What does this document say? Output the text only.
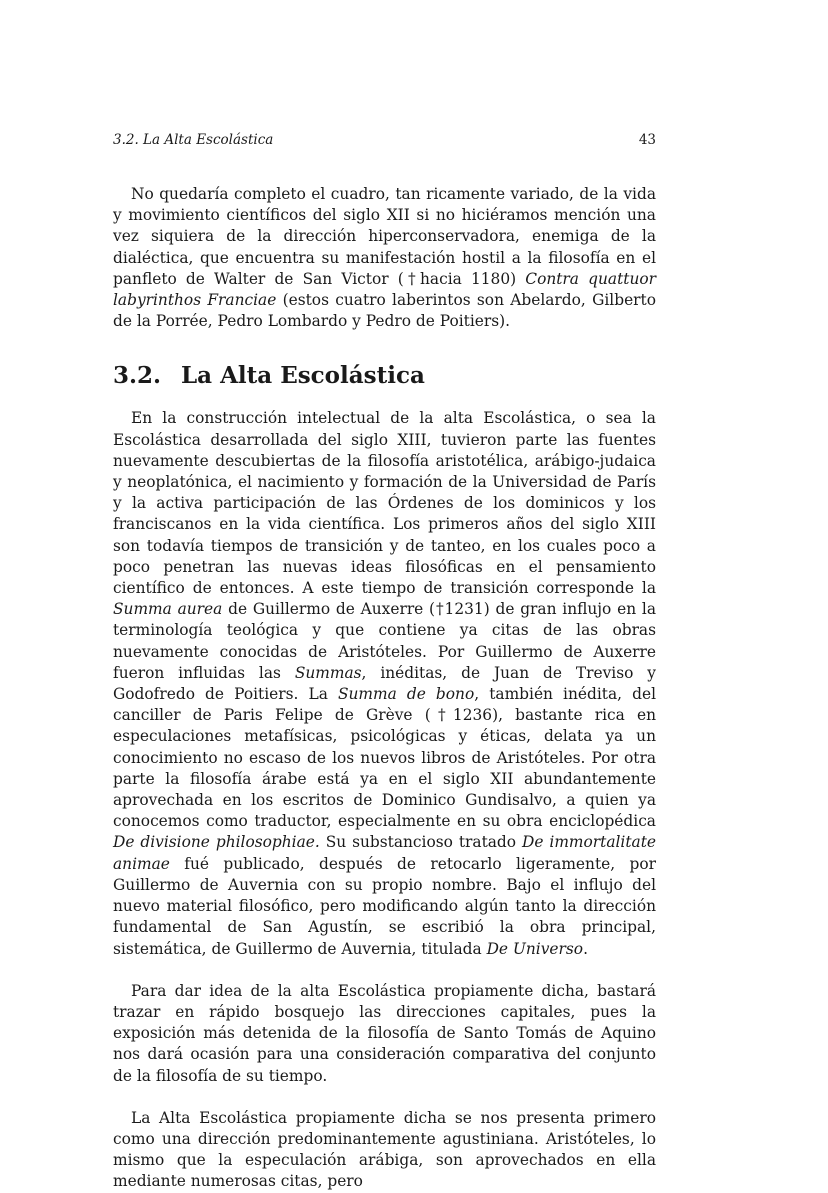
3.2. La Alta Escolástica	43

No quedaría completo el cuadro, tan ricamente variado, de la vida y movimiento científicos del siglo XII si no hiciéramos mención una vez siquiera de la dirección hiperconservadora, enemiga de la dialéctica, que encuentra su manifestación hostil a la filosofía en el panfleto de Walter de San Victor (†hacia 1180) Contra quattuor labyrinthos Franciae (estos cuatro laberintos son Abelardo, Gilberto de la Porrée, Pedro Lombardo y Pedro de Poitiers).

3.2. La Alta Escolástica

En la construcción intelectual de la alta Escolástica, o sea la Escolástica desarrollada del siglo XIII, tuvieron parte las fuentes nuevamente descubiertas de la filosofía aristotélica, arábigo-judaica y neoplatónica, el nacimiento y formación de la Universidad de París y la activa participación de las Órdenes de los dominicos y los franciscanos en la vida científica. Los primeros años del siglo XIII son todavía tiempos de transición y de tanteo, en los cuales poco a poco penetran las nuevas ideas filosóficas en el pensamiento científico de entonces. A este tiempo de transición corresponde la Summa aurea de Guillermo de Auxerre (†1231) de gran influjo en la terminología teológica y que contiene ya citas de las obras nuevamente conocidas de Aristóteles. Por Guillermo de Auxerre fueron influidas las Summas, inéditas, de Juan de Treviso y Godofredo de Poitiers. La Summa de bono, también inédita, del canciller de Paris Felipe de Grève (†1236), bastante rica en especulaciones metafísicas, psicológicas y éticas, delata ya un conocimiento no escaso de los nuevos libros de Aristóteles. Por otra parte la filosofía árabe está ya en el siglo XII abundantemente aprovechada en los escritos de Dominico Gundisalvo, a quien ya conocemos como traductor, especialmente en su obra enciclopédica De divisione philosophiae. Su substancioso tratado De immortalitate animae fué publicado, después de retocarlo ligeramente, por Guillermo de Auvernia con su propio nombre. Bajo el influjo del nuevo material filosófico, pero modificando algún tanto la dirección fundamental de San Agustín, se escribió la obra principal, sistemática, de Guillermo de Auvernia, titulada De Universo.

Para dar idea de la alta Escolástica propiamente dicha, bastará trazar en rápido bosquejo las direcciones capitales, pues la exposición más detenida de la filosofía de Santo Tomás de Aquino nos dará ocasión para una consideración comparativa del conjunto de la filosofía de su tiempo.

La Alta Escolástica propiamente dicha se nos presenta primero como una dirección predominantemente agustiniana. Aristóteles, lo mismo que la especulación arábiga, son aprovechados en ella mediante numerosas citas, pero
